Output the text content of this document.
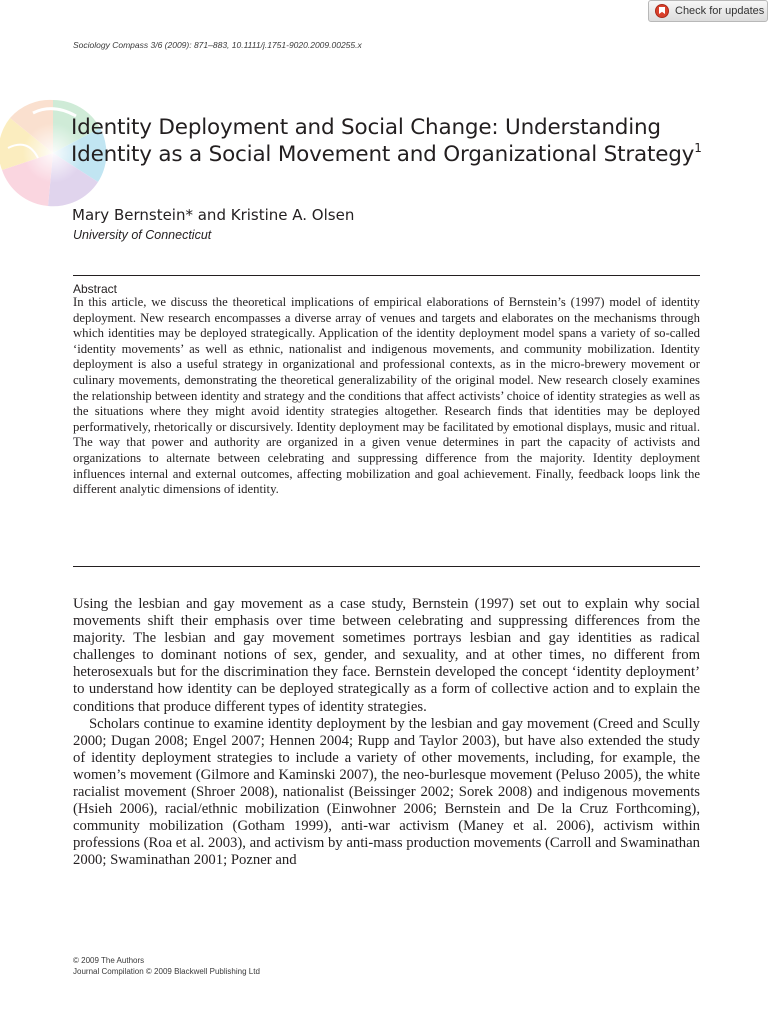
Check for updates
Sociology Compass 3/6 (2009): 871–883, 10.1111/j.1751-9020.2009.00255.x
Identity Deployment and Social Change: Understanding Identity as a Social Movement and Organizational Strategy$^1$
Mary Bernstein* and Kristine A. Olsen
University of Connecticut
Abstract

In this article, we discuss the theoretical implications of empirical elaborations of Bernstein’s (1997) model of identity deployment. New research encompasses a diverse array of venues and targets and elaborates on the mechanisms through which identities may be deployed strategically. Application of the identity deployment model spans a variety of so-called ‘identity movements’ as well as ethnic, nationalist and indigenous movements, and community mobilization. Identity deployment is also a useful strategy in organizational and professional contexts, as in the micro-brewery movement or culinary movements, demonstrating the theoretical generalizability of the original model. New research closely examines the relationship between identity and strategy and the conditions that affect activists’ choice of identity strategies as well as the situations where they might avoid identity strategies altogether. Research finds that identities may be deployed performatively, rhetorically or discursively. Identity deployment may be facilitated by emotional displays, music and ritual. The way that power and authority are organized in a given venue determines in part the capacity of activists and organizations to alternate between celebrating and suppressing difference from the majority. Identity deployment influences internal and external outcomes, affecting mobilization and goal achievement. Finally, feedback loops link the different analytic dimensions of identity.

Using the lesbian and gay movement as a case study, Bernstein (1997) set out to explain why social movements shift their emphasis over time between celebrating and suppressing differences from the majority. The lesbian and gay movement sometimes portrays lesbian and gay identities as radical challenges to dominant notions of sex, gender, and sexuality, and at other times, no different from heterosexuals but for the discrimination they face. Bernstein developed the concept ‘identity deployment’ to understand how identity can be deployed strategically as a form of collective action and to explain the conditions that produce different types of identity strategies.

Scholars continue to examine identity deployment by the lesbian and gay movement (Creed and Scully 2000; Dugan 2008; Engel 2007; Hennen 2004; Rupp and Taylor 2003), but have also extended the study of identity deployment strategies to include a variety of other movements, including, for example, the women’s movement (Gilmore and Kaminski 2007), the neo-burlesque movement (Peluso 2005), the white racialist movement (Shroer 2008), nationalist (Beissinger 2002; Sorek 2008) and indigenous movements (Hsieh 2006), racial/ethnic mobilization (Einwohner 2006; Bernstein and De la Cruz Forthcoming), community mobilization (Gotham 1999), anti-war activism (Maney et al. 2006), activism within professions (Roa et al. 2003), and activism by anti-mass production movements (Carroll and Swaminathan 2000; Swaminathan 2001; Pozner and

© 2009 The Authors
Journal Compilation © 2009 Blackwell Publishing Ltd
